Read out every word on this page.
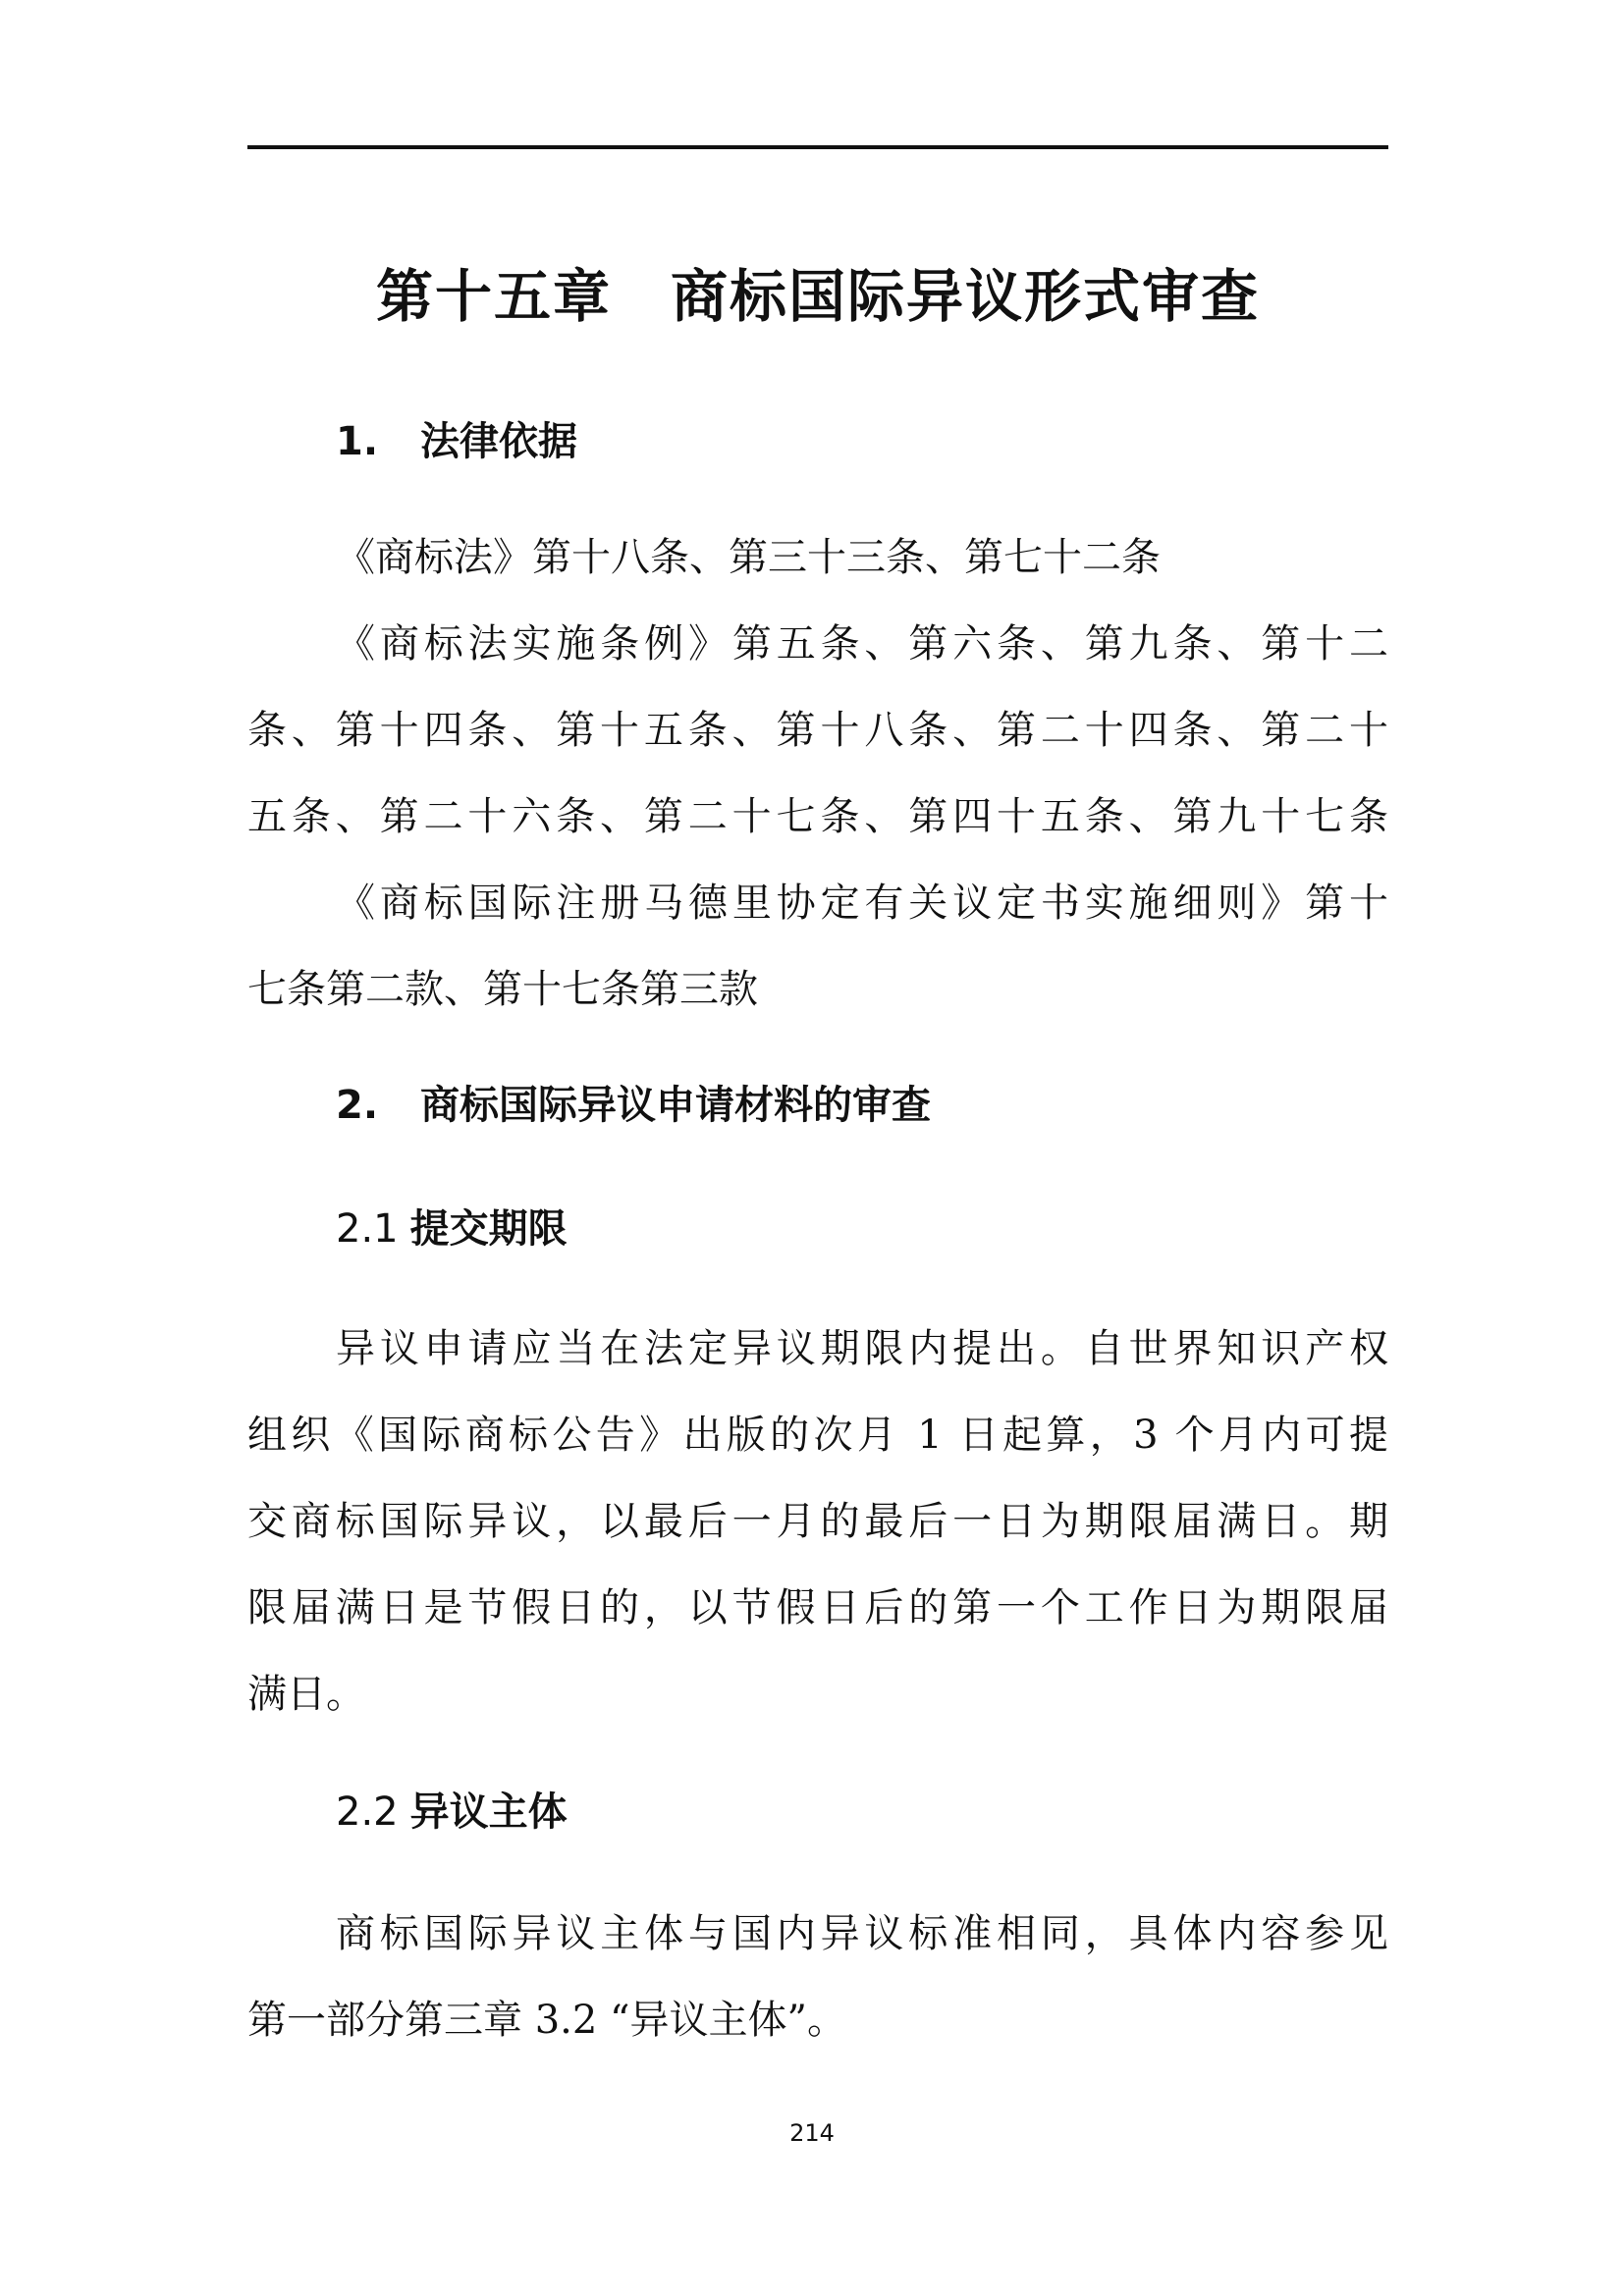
第十五章　商标国际异议形式审查
1. 法律依据
《商标法》第十八条、第三十三条、第七十二条
《商标法实施条例》第五条、第六条、第九条、第十二
条、第十四条、第十五条、第十八条、第二十四条、第二十
五条、第二十六条、第二十七条、第四十五条、第九十七条
《商标国际注册马德里协定有关议定书实施细则》第十
七条第二款、第十七条第三款
2. 商标国际异议申请材料的审查
2.1 提交期限
异议申请应当在法定异议期限内提出。自世界知识产权
组织《国际商标公告》出版的次月 1 日起算，3 个月内可提
交商标国际异议，以最后一月的最后一日为期限届满日。期
限届满日是节假日的，以节假日后的第一个工作日为期限届
满日。
2.2 异议主体
商标国际异议主体与国内异议标准相同，具体内容参见
第一部分第三章 3.2 “异议主体”。
214
